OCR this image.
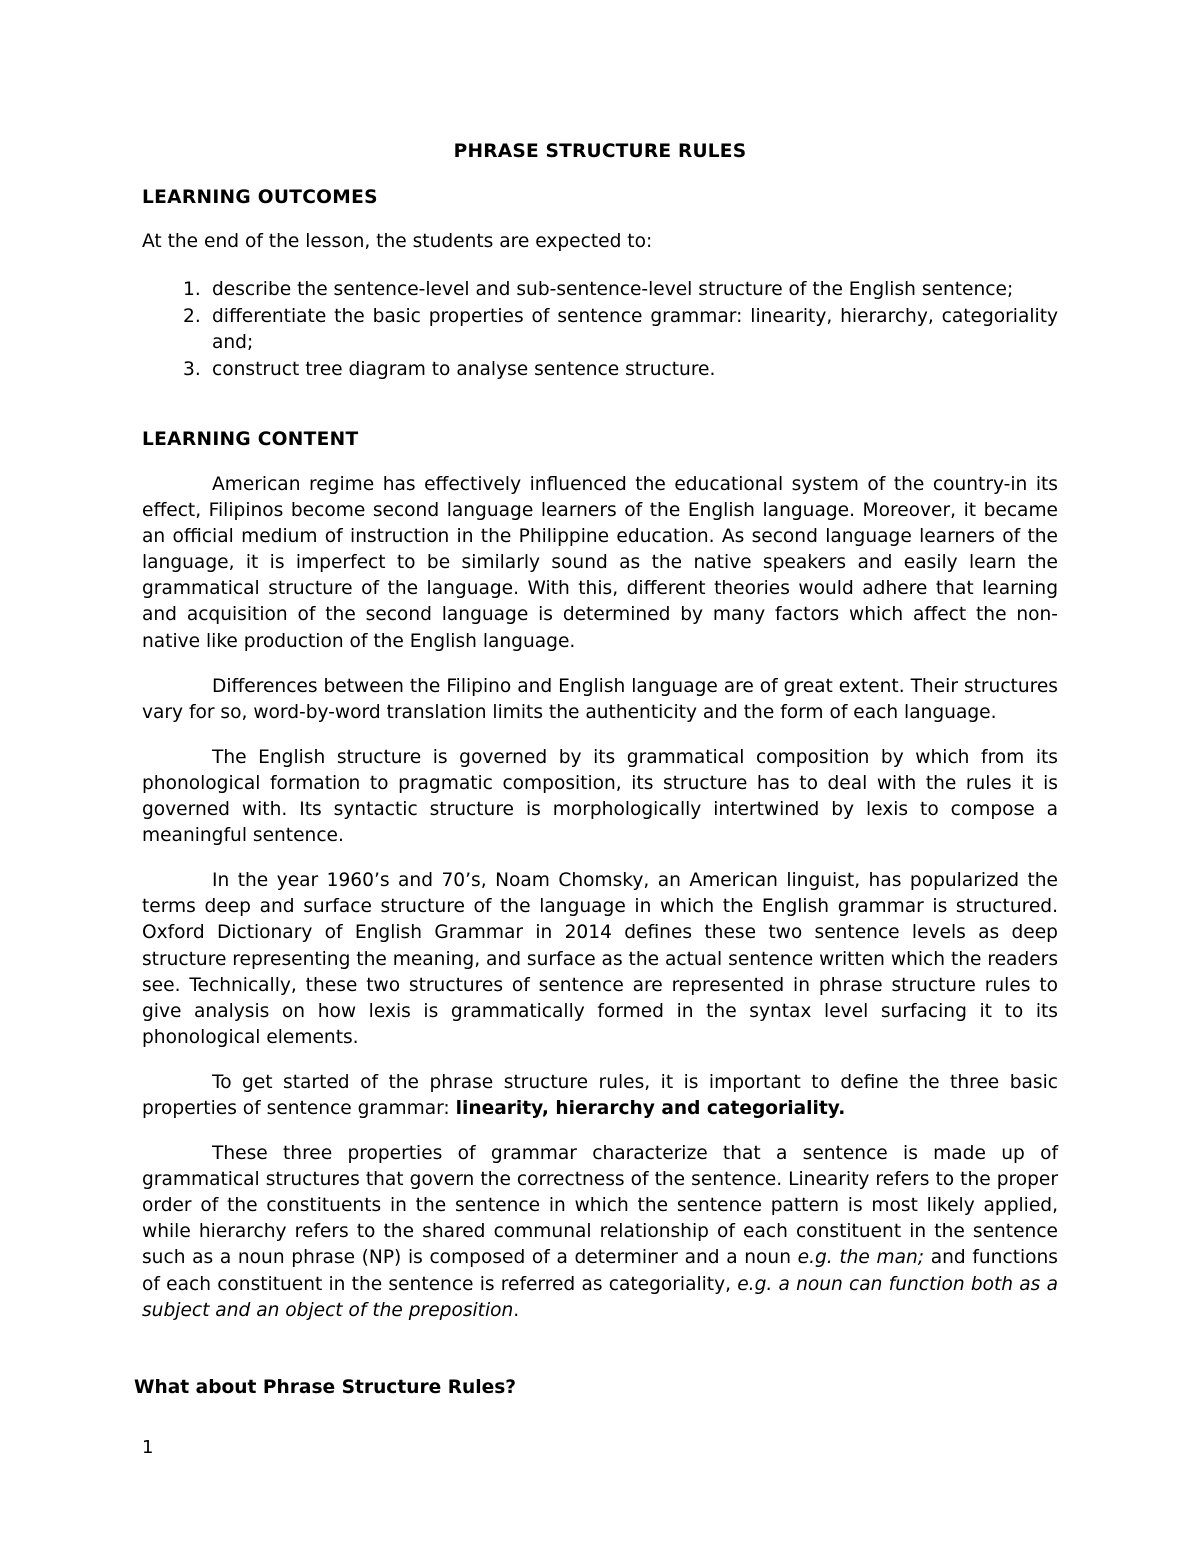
PHRASE STRUCTURE RULES
LEARNING OUTCOMES
At the end of the lesson, the students are expected to:
1. describe the sentence-level and sub-sentence-level structure of the English sentence;
2. differentiate the basic properties of sentence grammar: linearity, hierarchy, categoriality and;
3. construct tree diagram to analyse sentence structure.
LEARNING CONTENT

American regime has effectively influenced the educational system of the country-in its effect, Filipinos become second language learners of the English language. Moreover, it became an official medium of instruction in the Philippine education. As second language learners of the language, it is imperfect to be similarly sound as the native speakers and easily learn the grammatical structure of the language. With this, different theories would adhere that learning and acquisition of the second language is determined by many factors which affect the non-native like production of the English language.

Differences between the Filipino and English language are of great extent. Their structures vary for so, word-by-word translation limits the authenticity and the form of each language.

The English structure is governed by its grammatical composition by which from its phonological formation to pragmatic composition, its structure has to deal with the rules it is governed with. Its syntactic structure is morphologically intertwined by lexis to compose a meaningful sentence.

In the year 1960’s and 70’s, Noam Chomsky, an American linguist, has popularized the terms deep and surface structure of the language in which the English grammar is structured. Oxford Dictionary of English Grammar in 2014 defines these two sentence levels as deep structure representing the meaning, and surface as the actual sentence written which the readers see. Technically, these two structures of sentence are represented in phrase structure rules to give analysis on how lexis is grammatically formed in the syntax level surfacing it to its phonological elements.

To get started of the phrase structure rules, it is important to define the three basic properties of sentence grammar: linearity, hierarchy and categoriality.

These three properties of grammar characterize that a sentence is made up of grammatical structures that govern the correctness of the sentence. Linearity refers to the proper order of the constituents in the sentence in which the sentence pattern is most likely applied, while hierarchy refers to the shared communal relationship of each constituent in the sentence such as a noun phrase (NP) is composed of a determiner and a noun e.g. the man; and functions of each constituent in the sentence is referred as categoriality, e.g. a noun can function both as a subject and an object of the preposition.

What about Phrase Structure Rules?
1
